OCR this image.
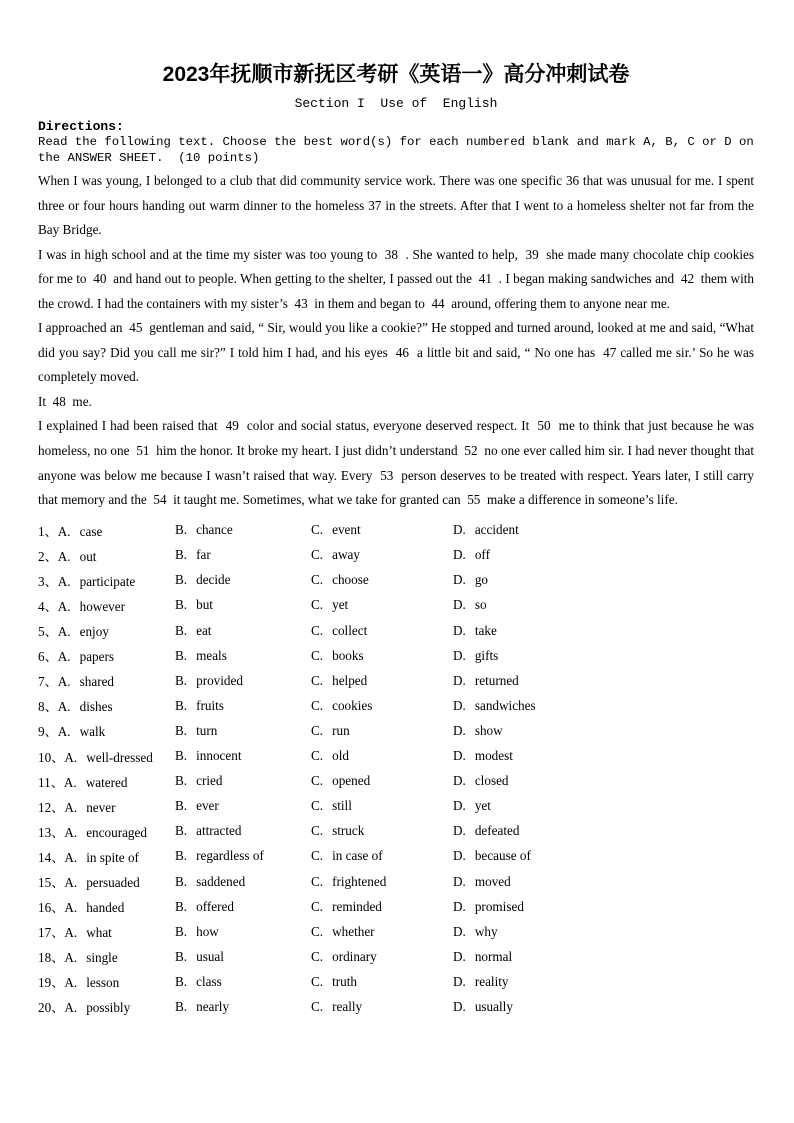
2023年抚顺市新抚区考研《英语一》高分冲刺试卷
Section I  Use of  English
Directions:
Read the following text. Choose the best word(s) for each numbered blank and mark A, B, C or D on the ANSWER SHEET.  (10 points)

When I was young, I belonged to a club that did community service work. There was one specific 36 that was unusual for me. I spent three or four hours handing out warm dinner to the homeless 37 in the streets. After that I went to a homeless shelter not far from the Bay Bridge.

I was in high school and at the time my sister was too young to  38  . She wanted to help,  39  she made many chocolate chip cookies for me to  40  and hand out to people. When getting to the shelter, I passed out the  41  . I began making sandwiches and  42  them with the crowd. I had the containers with my sister’s  43  in them and began to  44  around, offering them to anyone near me.

I approached an  45  gentleman and said, “ Sir, would you like a cookie?” He stopped and turned around, looked at me and said, “What did you say? Did you call me sir?” I told him I had, and his eyes  46  a little bit and said, “ No one has  47 called me sir.’ So he was completely moved.

It  48  me.

I explained I had been raised that  49  color and social status, everyone deserved respect. It  50  me to think that just because he was homeless, no one  51  him the honor. It broke my heart. I just didn’t understand  52  no one ever called him sir. I had never thought that anyone was below me because I wasn’t raised that way. Every  53  person deserves to be treated with respect. Years later, I still carry that memory and the  54  it taught me. Sometimes, what we take for granted can  55  make a difference in someone’s life.

1、A. case	B. chance	C. event	D. accident
2、A. out	B. far	C. away	D. off
3、A. participate	B. decide	C. choose	D. go
4、A. however	B. but	C. yet	D. so
5、A. enjoy	B. eat	C. collect	D. take
6、A. papers	B. meals	C. books	D. gifts
7、A. shared	B. provided	C. helped	D. returned
8、A. dishes	B. fruits	C. cookies	D. sandwiches
9、A. walk	B. turn	C. run	D. show
10、A. well-dressed	B. innocent	C. old	D. modest
11、A. watered	B. cried	C. opened	D. closed
12、A. never	B. ever	C. still	D. yet
13、A. encouraged	B. attracted	C. struck	D. defeated
14、A. in spite of	B. regardless of	C. in case of	D. because of
15、A. persuaded	B. saddened	C. frightened	D. moved
16、A. handed	B. offered	C. reminded	D. promised
17、A. what	B. how	C. whether	D. why
18、A. single	B. usual	C. ordinary	D. normal
19、A. lesson	B. class	C. truth	D. reality
20、A. possibly	B. nearly	C. really	D. usually
